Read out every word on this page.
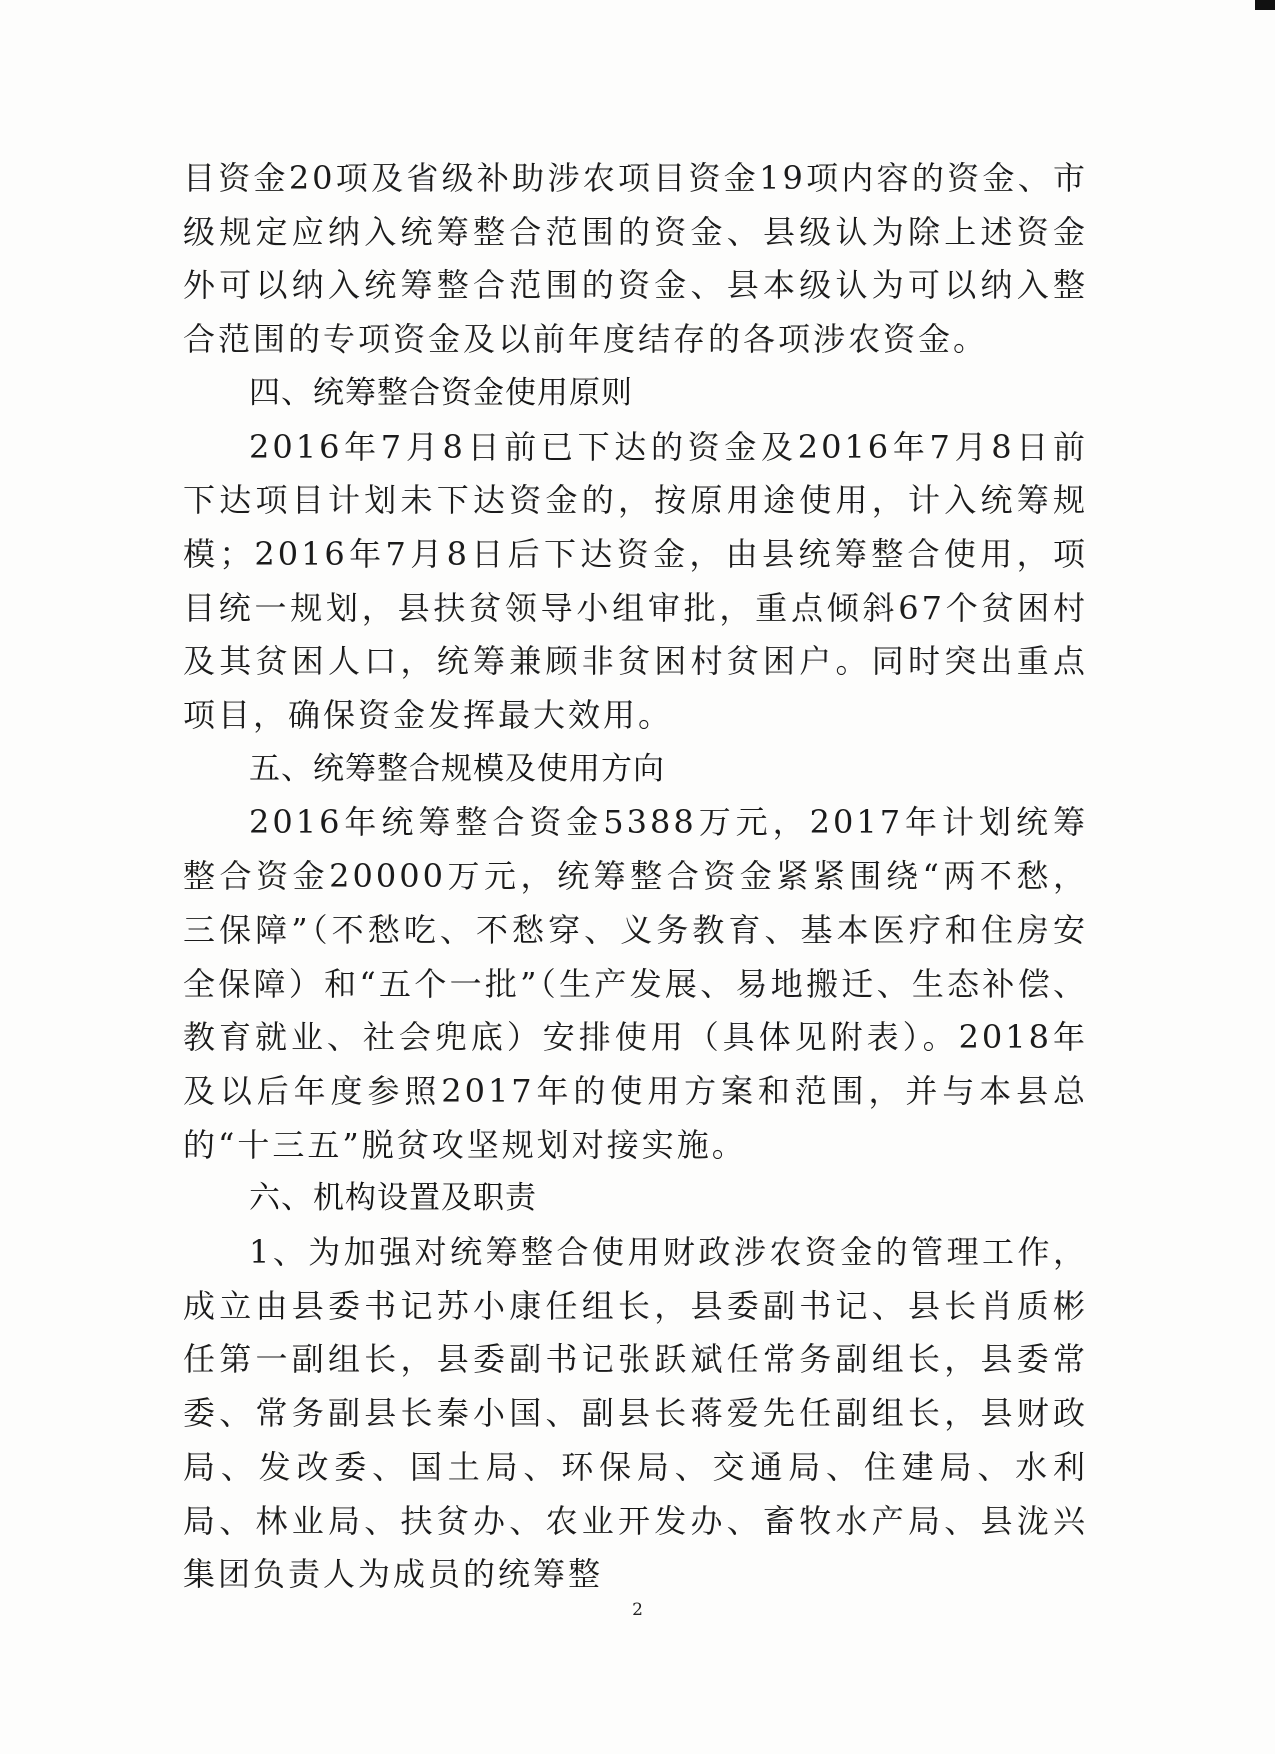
目资金20项及省级补助涉农项目资金19项内容的资金、市级规定应纳入统筹整合范围的资金、县级认为除上述资金外可以纳入统筹整合范围的资金、县本级认为可以纳入整合范围的专项资金及以前年度结存的各项涉农资金。

四、统筹整合资金使用原则

2016年7月8日前已下达的资金及2016年7月8日前下达项目计划未下达资金的，按原用途使用，计入统筹规模；2016年7月8日后下达资金，由县统筹整合使用，项目统一规划，县扶贫领导小组审批，重点倾斜67个贫困村及其贫困人口，统筹兼顾非贫困村贫困户。同时突出重点项目，确保资金发挥最大效用。

五、统筹整合规模及使用方向

2016年统筹整合资金5388万元，2017年计划统筹整合资金20000万元，统筹整合资金紧紧围绕“两不愁，三保障”（不愁吃、不愁穿、义务教育、基本医疗和住房安全保障）和“五个一批”（生产发展、易地搬迁、生态补偿、教育就业、社会兜底）安排使用（具体见附表）。2018年及以后年度参照2017年的使用方案和范围，并与本县总的“十三五”脱贫攻坚规划对接实施。

六、机构设置及职责

1、为加强对统筹整合使用财政涉农资金的管理工作，成立由县委书记苏小康任组长，县委副书记、县长肖质彬任第一副组长，县委副书记张跃斌任常务副组长，县委常委、常务副县长秦小国、副县长蒋爱先任副组长，县财政局、发改委、国土局、环保局、交通局、住建局、水利局、林业局、扶贫办、农业开发办、畜牧水产局、县泷兴集团负责人为成员的统筹整

2
